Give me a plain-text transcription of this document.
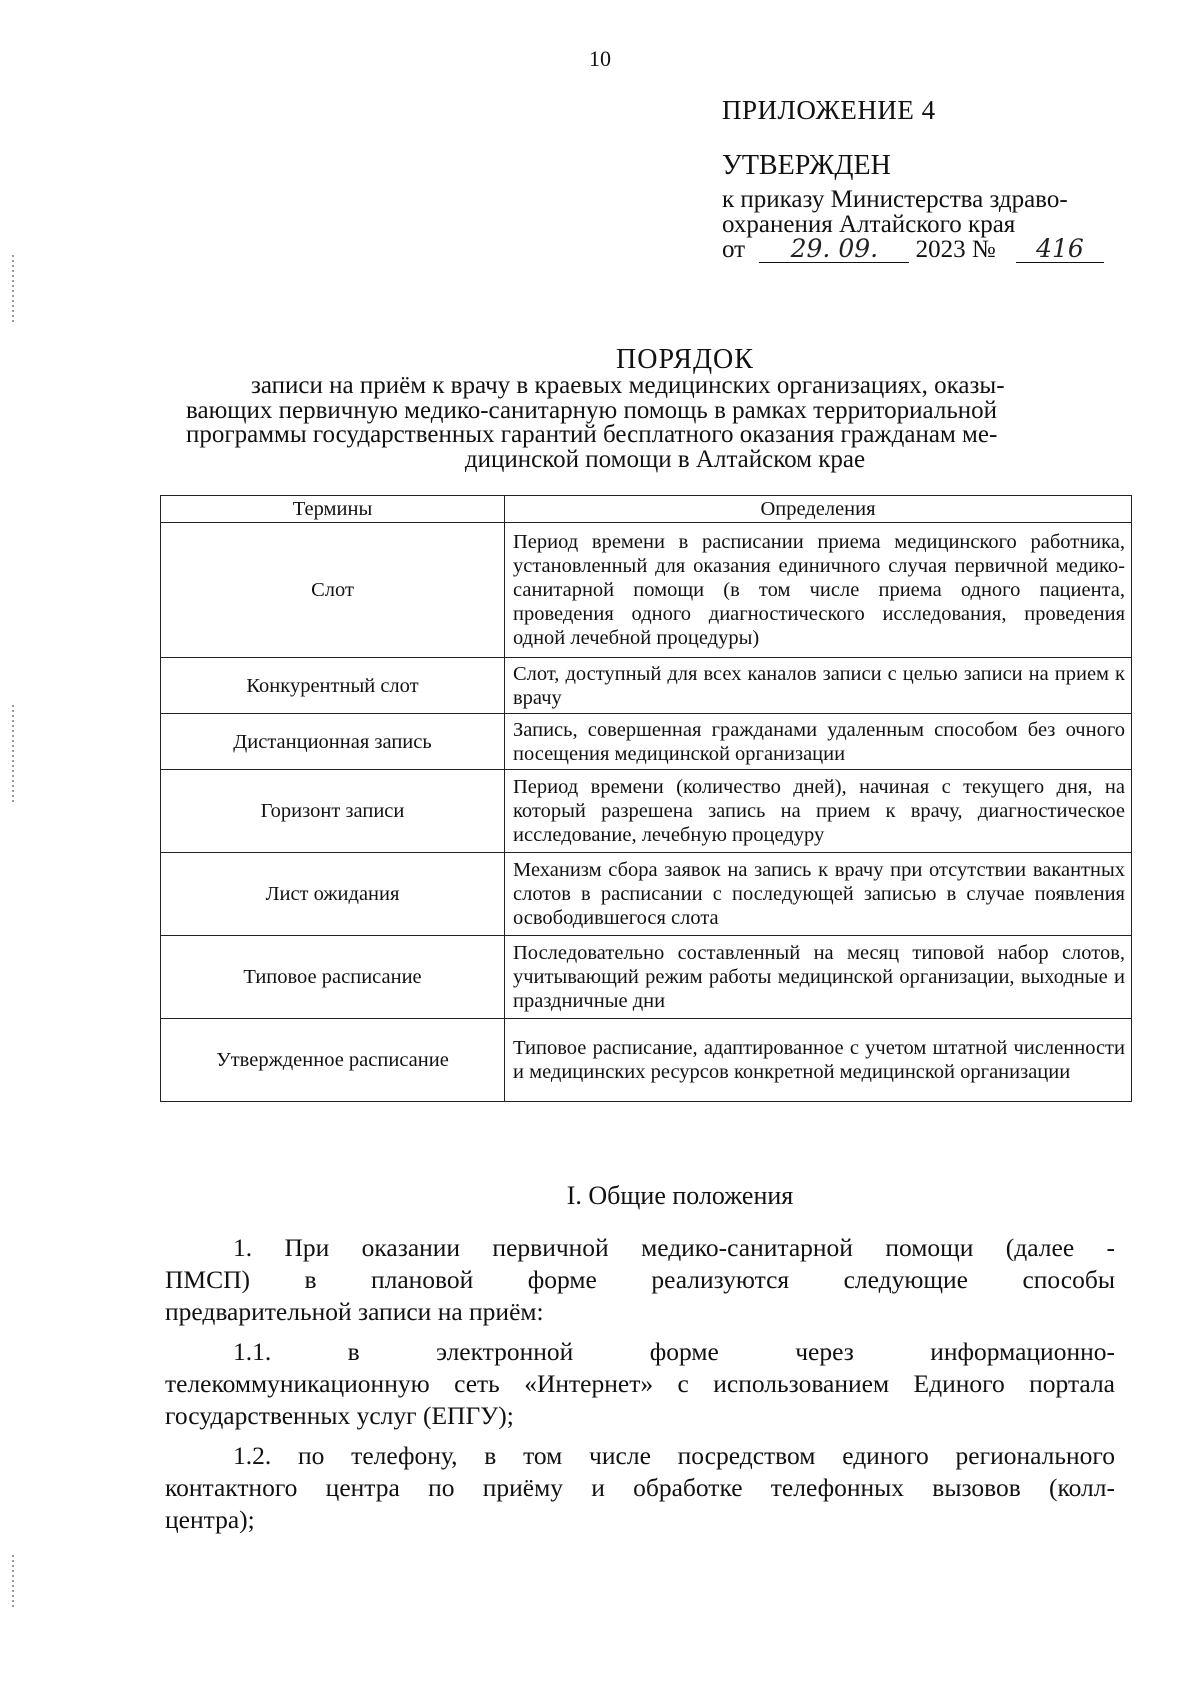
10
ПРИЛОЖЕНИЕ 4
УТВЕРЖДЕН
к приказу Министерства здраво-
охранения Алтайского края
от 29. 09. 2023 № 416
ПОРЯДОК
записи на приём к врачу в краевых медицинских организациях, оказы-
вающих первичную медико-санитарную помощь в рамках территориальной
программы государственных гарантий бесплатного оказания гражданам ме-
дицинской помощи в Алтайском крае
Термины	Определения
Слот	Период времени в расписании приема медицинского работника, установленный для оказания единичного случая первичной медико-санитарной помощи (в том числе приема одного пациента, проведения одного диагностического исследования, проведения одной лечебной процедуры)
Конкурентный слот	Слот, доступный для всех каналов записи с целью записи на прием к врачу
Дистанционная запись	Запись, совершенная гражданами удаленным способом без очного посещения медицинской организации
Горизонт записи	Период времени (количество дней), начиная с текущего дня, на который разрешена запись на прием к врачу, диагностическое исследование, лечебную процедуру
Лист ожидания	Механизм сбора заявок на запись к врачу при отсутствии вакантных слотов в расписании с последующей записью в случае появления освободившегося слота
Типовое расписание	Последовательно составленный на месяц типовой набор слотов, учитывающий режим работы медицинской организации, выходные и праздничные дни
Утвержденное расписание	Типовое расписание, адаптированное с учетом штатной численности и медицинских ресурсов конкретной медицинской организации
I. Общие положения
1. При оказании первичной медико-санитарной помощи (далее -
ПМСП) в плановой форме реализуются следующие способы
предварительной записи на приём:
1.1. в электронной форме через информационно-
телекоммуникационную сеть «Интернет» с использованием Единого портала
государственных услуг (ЕПГУ);
1.2. по телефону, в том числе посредством единого регионального
контактного центра по приёму и обработке телефонных вызовов (колл-
центра);
